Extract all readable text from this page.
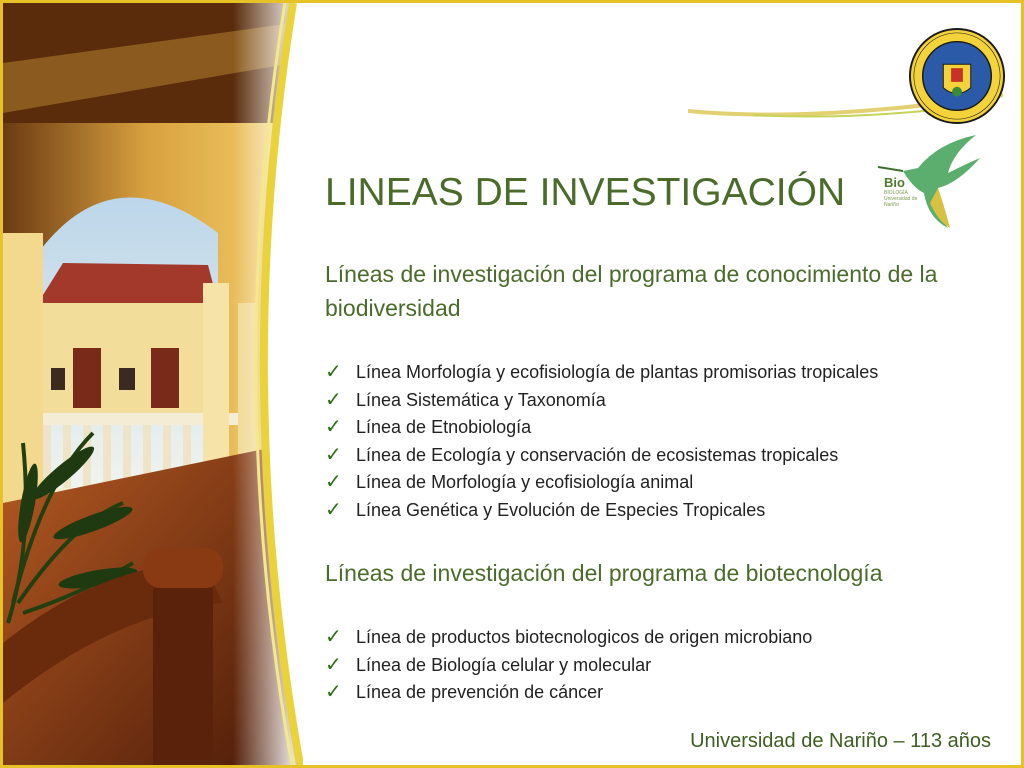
Bio
BIOLOGÍA Universidad de Nariño
LINEAS DE INVESTIGACIÓN
Líneas de investigación del programa de conocimiento de la biodiversidad
✓Línea Morfología y ecofisiología de plantas promisorias tropicales
✓ Línea Sistemática y Taxonomía
✓ Línea de Etnobiología
✓ Línea de Ecología y conservación de ecosistemas tropicales
✓ Línea de Morfología y ecofisiología animal
✓ Línea Genética y Evolución de Especies Tropicales
Líneas de investigación del programa de biotecnología
✓ Línea de productos biotecnologicos de origen microbiano
✓ Línea de Biología celular y molecular
✓ Línea de prevención de cáncer
Universidad de Nariño – 113 años
